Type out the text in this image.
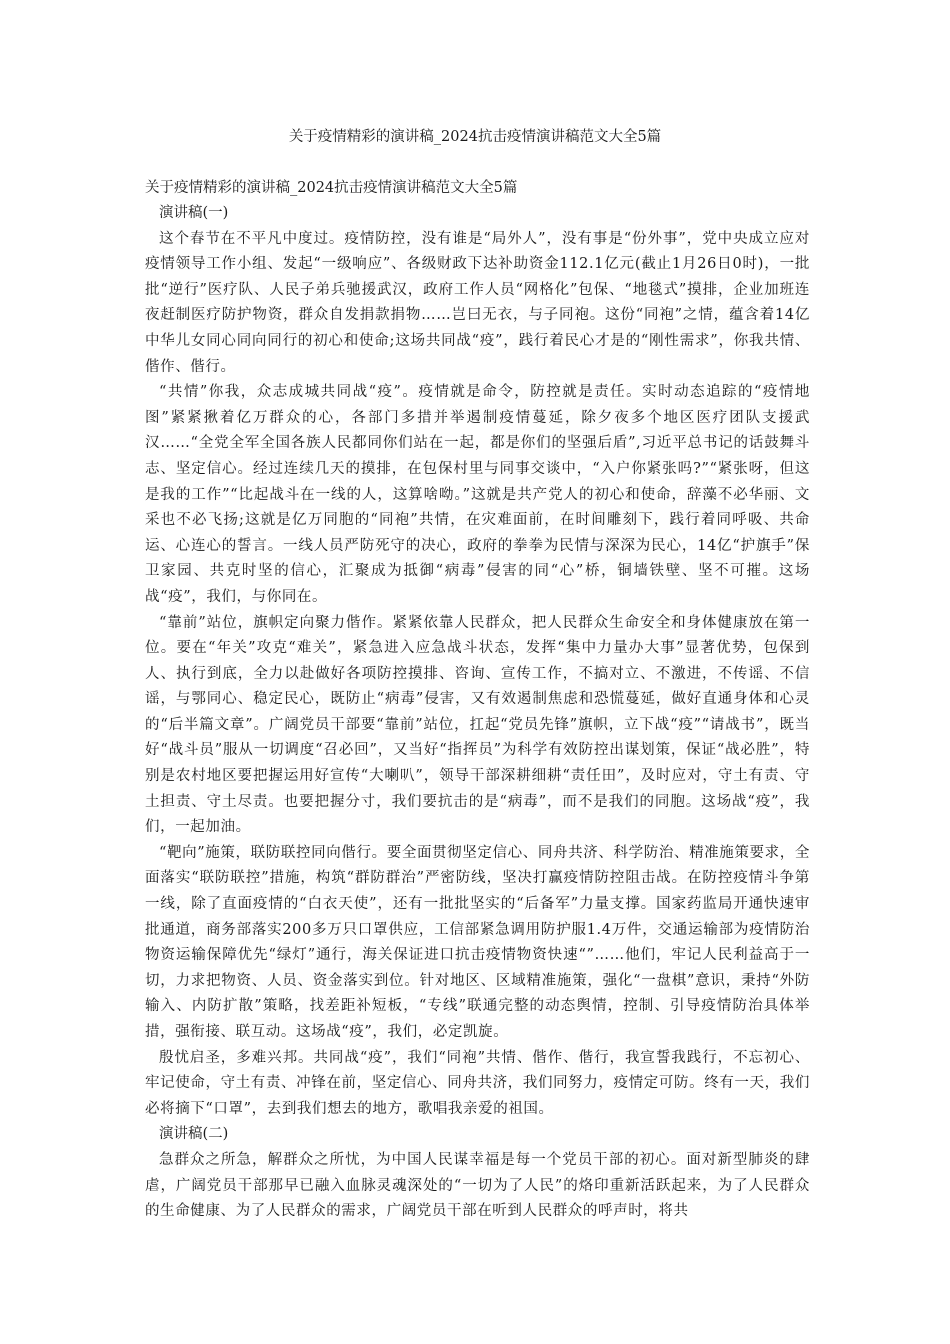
关于疫情精彩的演讲稿_2024抗击疫情演讲稿范文大全5篇
关于疫情精彩的演讲稿_2024抗击疫情演讲稿范文大全5篇
演讲稿(一)

这个春节在不平凡中度过。疫情防控，没有谁是“局外人”，没有事是“份外事”，党中央成立应对疫情领导工作小组、发起“一级响应”、各级财政下达补助资金112.1亿元(截止1月26日0时)，一批批“逆行”医疗队、人民子弟兵驰援武汉，政府工作人员“网格化”包保、“地毯式”摸排，企业加班连夜赶制医疗防护物资，群众自发捐款捐物……岂曰无衣，与子同袍。这份“同袍”之情，蕴含着14亿中华儿女同心同向同行的初心和使命;这场共同战“疫”，践行着民心才是的“刚性需求”，你我共情、偕作、偕行。

“共情”你我，众志成城共同战“疫”。疫情就是命令，防控就是责任。实时动态追踪的“疫情地图”紧紧揪着亿万群众的心，各部门多措并举遏制疫情蔓延，除夕夜多个地区医疗团队支援武汉……“全党全军全国各族人民都同你们站在一起，都是你们的坚强后盾”,习近平总书记的话鼓舞斗志、坚定信心。经过连续几天的摸排，在包保村里与同事交谈中，“入户你紧张吗?”“紧张呀，但这是我的工作”“比起战斗在一线的人，这算啥呦。”这就是共产党人的初心和使命，辞藻不必华丽、文采也不必飞扬;这就是亿万同胞的“同袍”共情，在灾难面前，在时间雕刻下，践行着同呼吸、共命运、心连心的誓言。一线人员严防死守的决心，政府的拳拳为民情与深深为民心，14亿“护旗手”保卫家园、共克时坚的信心，汇聚成为抵御“病毒”侵害的同“心”桥，铜墙铁壁、坚不可摧。这场战“疫”，我们，与你同在。

“靠前”站位，旗帜定向聚力偕作。紧紧依靠人民群众，把人民群众生命安全和身体健康放在第一位。要在“年关”攻克“难关”，紧急进入应急战斗状态，发挥“集中力量办大事”显著优势，包保到人、执行到底，全力以赴做好各项防控摸排、咨询、宣传工作，不搞对立、不激进，不传谣、不信谣，与鄂同心、稳定民心，既防止“病毒”侵害，又有效遏制焦虑和恐慌蔓延，做好直通身体和心灵的“后半篇文章”。广阔党员干部要“靠前”站位，扛起“党员先锋”旗帜，立下战“疫”“请战书”，既当好“战斗员”服从一切调度“召必回”，又当好“指挥员”为科学有效防控出谋划策，保证“战必胜”，特别是农村地区要把握运用好宣传“大喇叭”，领导干部深耕细耕“责任田”，及时应对，守土有责、守土担责、守土尽责。也要把握分寸，我们要抗击的是“病毒”，而不是我们的同胞。这场战“疫”，我们，一起加油。

“靶向”施策，联防联控同向偕行。要全面贯彻坚定信心、同舟共济、科学防治、精准施策要求，全面落实“联防联控”措施，构筑“群防群治”严密防线，坚决打赢疫情防控阻击战。在防控疫情斗争第一线，除了直面疫情的“白衣天使”，还有一批批坚实的“后备军”力量支撑。国家药监局开通快速审批通道，商务部落实200多万只口罩供应，工信部紧急调用防护服1.4万件，交通运输部为疫情防治物资运输保障优先“绿灯”通行，海关保证进口抗击疫情物资快速“”……他们，牢记人民利益高于一切，力求把物资、人员、资金落实到位。针对地区、区域精准施策，强化“一盘棋”意识，秉持“外防输入、内防扩散”策略，找差距补短板，“专线”联通完整的动态舆情，控制、引导疫情防治具体举措，强衔接、联互动。这场战“疫”，我们，必定凯旋。

殷忧启圣，多难兴邦。共同战“疫”，我们“同袍”共情、偕作、偕行，我宣誓我践行，不忘初心、牢记使命，守土有责、冲锋在前，坚定信心、同舟共济，我们同努力，疫情定可防。终有一天，我们必将摘下“口罩”，去到我们想去的地方，歌唱我亲爱的祖国。

演讲稿(二)

急群众之所急，解群众之所忧，为中国人民谋幸福是每一个党员干部的初心。面对新型肺炎的肆虐，广阔党员干部那早已融入血脉灵魂深处的“一切为了人民”的烙印重新活跃起来，为了人民群众的生命健康、为了人民群众的需求，广阔党员干部在听到人民群众的呼声时，将共
